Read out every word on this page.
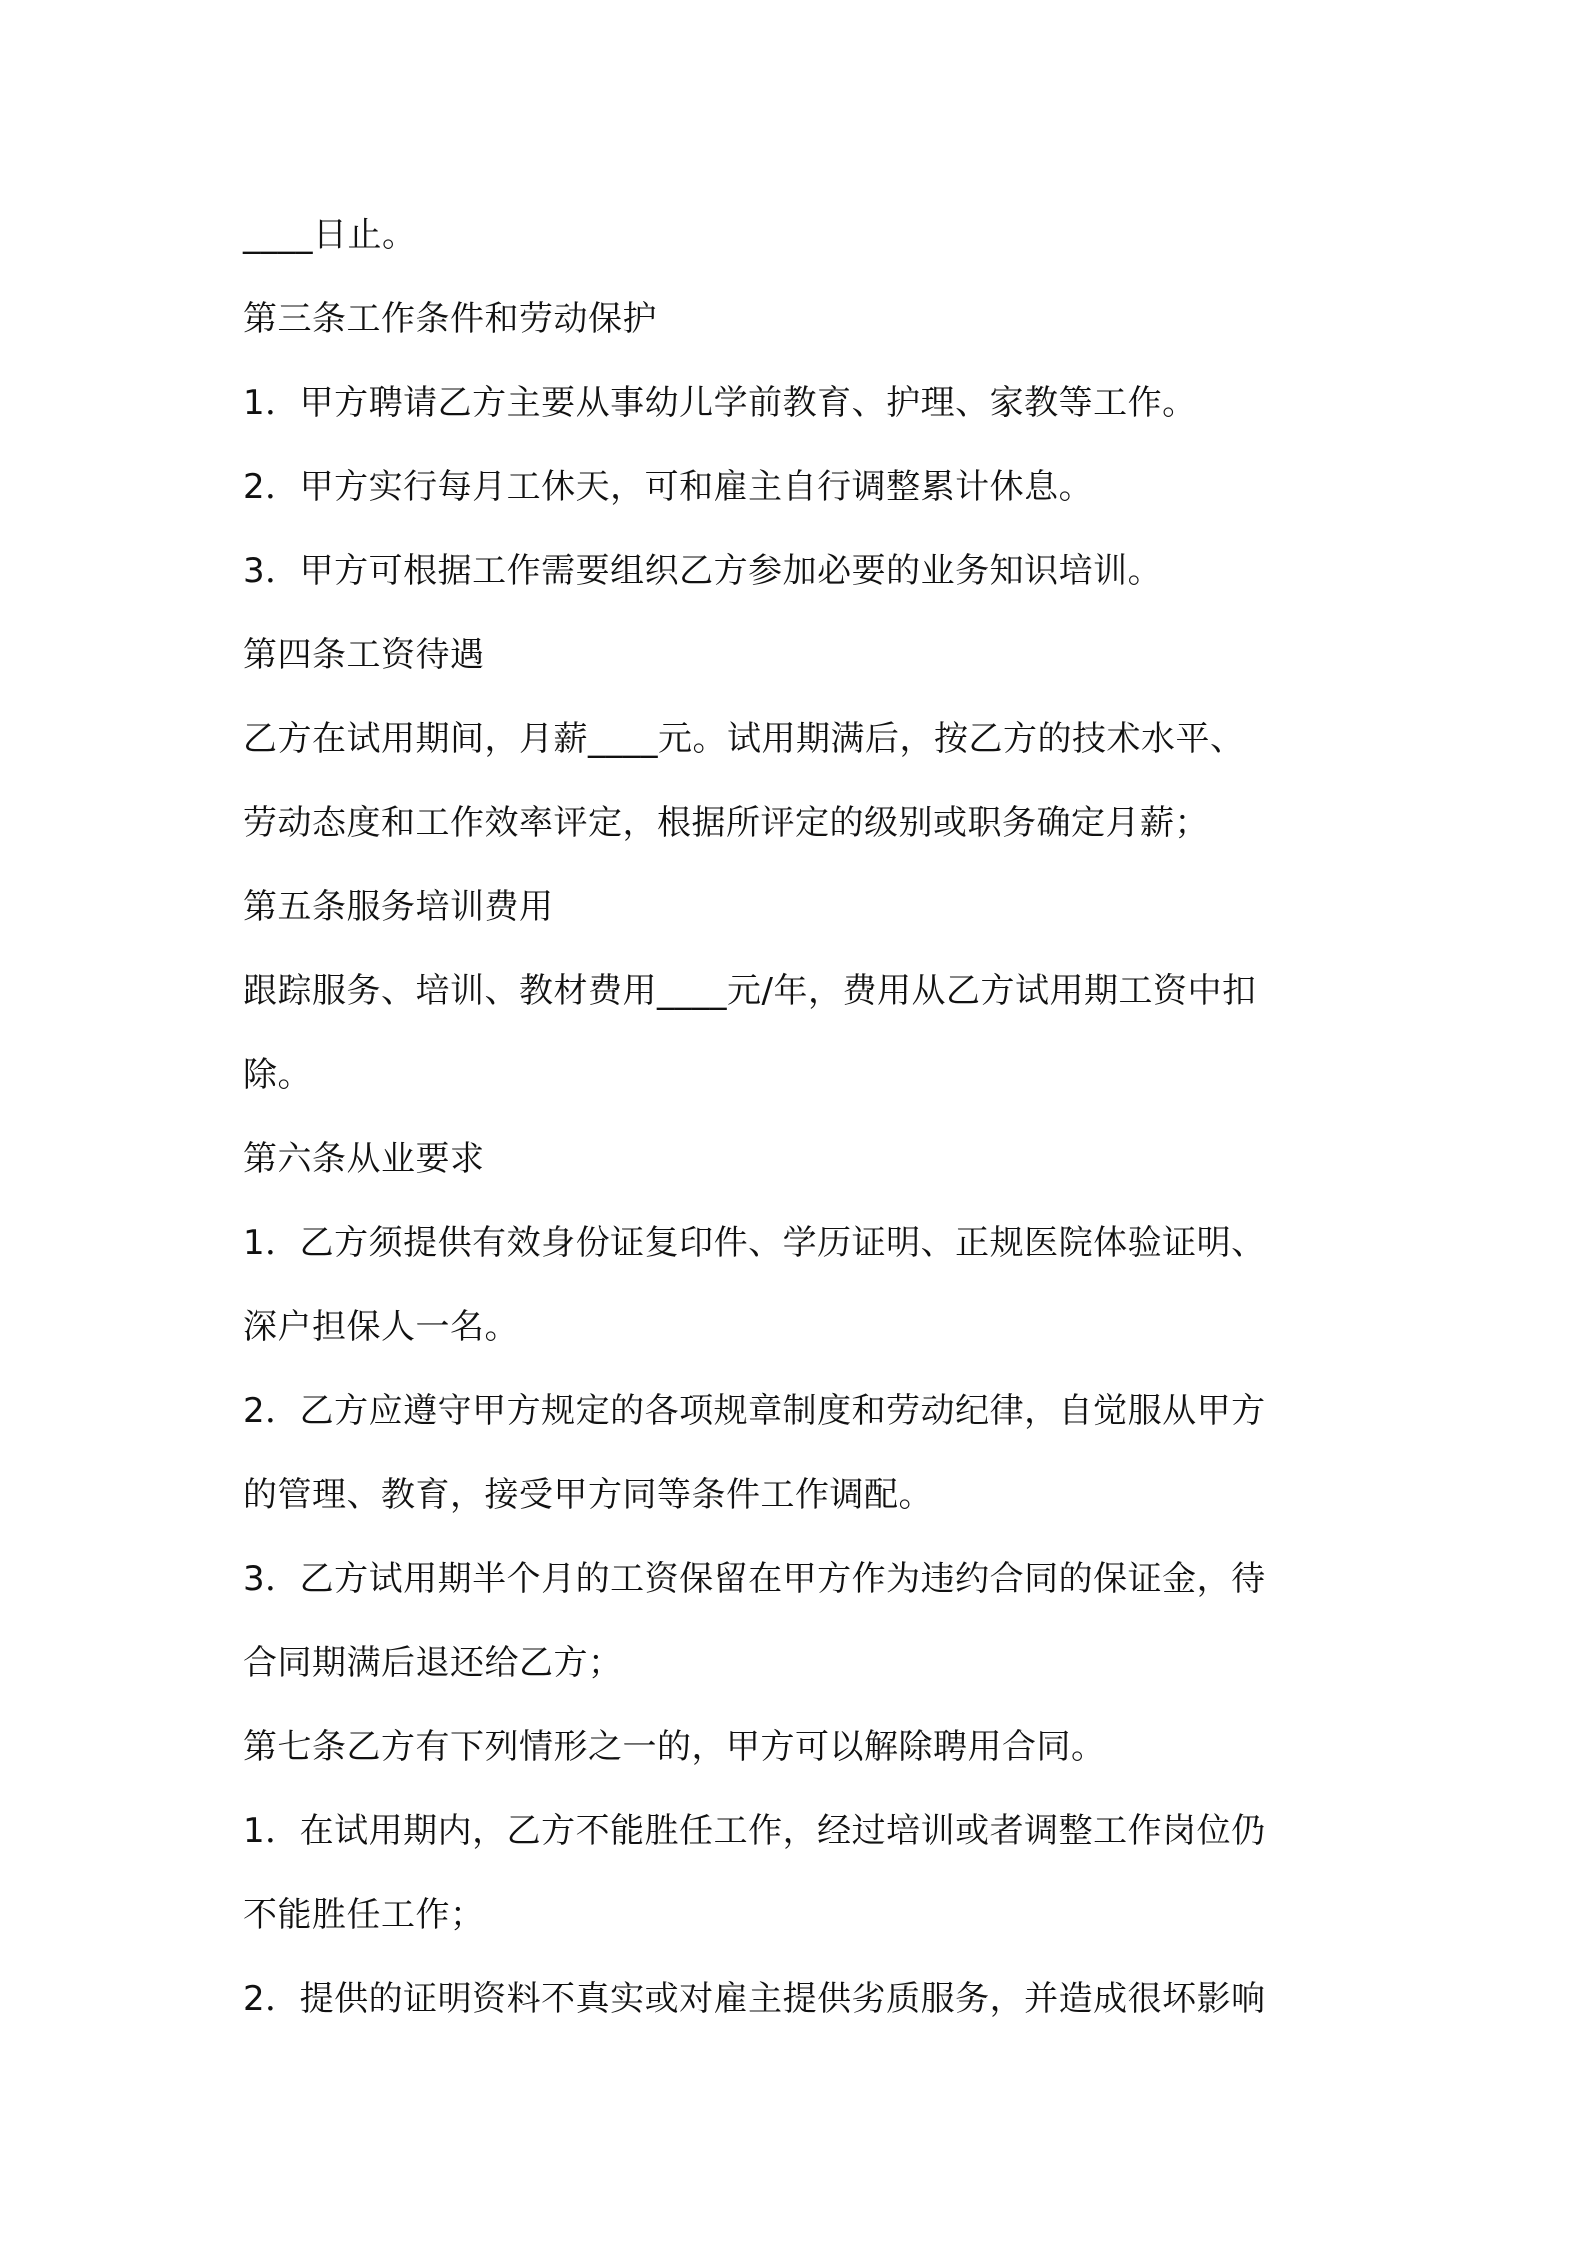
____日止。
第三条工作条件和劳动保护
1．甲方聘请乙方主要从事幼儿学前教育、护理、家教等工作。
2．甲方实行每月工休天，可和雇主自行调整累计休息。
3．甲方可根据工作需要组织乙方参加必要的业务知识培训。
第四条工资待遇
乙方在试用期间，月薪____元。试用期满后，按乙方的技术水平、
劳动态度和工作效率评定，根据所评定的级别或职务确定月薪；
第五条服务培训费用
跟踪服务、培训、教材费用____元/年，费用从乙方试用期工资中扣
除。
第六条从业要求
1．乙方须提供有效身份证复印件、学历证明、正规医院体验证明、
深户担保人一名。
2．乙方应遵守甲方规定的各项规章制度和劳动纪律，自觉服从甲方
的管理、教育，接受甲方同等条件工作调配。
3．乙方试用期半个月的工资保留在甲方作为违约合同的保证金，待
合同期满后退还给乙方；
第七条乙方有下列情形之一的，甲方可以解除聘用合同。
1．在试用期内，乙方不能胜任工作，经过培训或者调整工作岗位仍
不能胜任工作；
2．提供的证明资料不真实或对雇主提供劣质服务，并造成很坏影响
